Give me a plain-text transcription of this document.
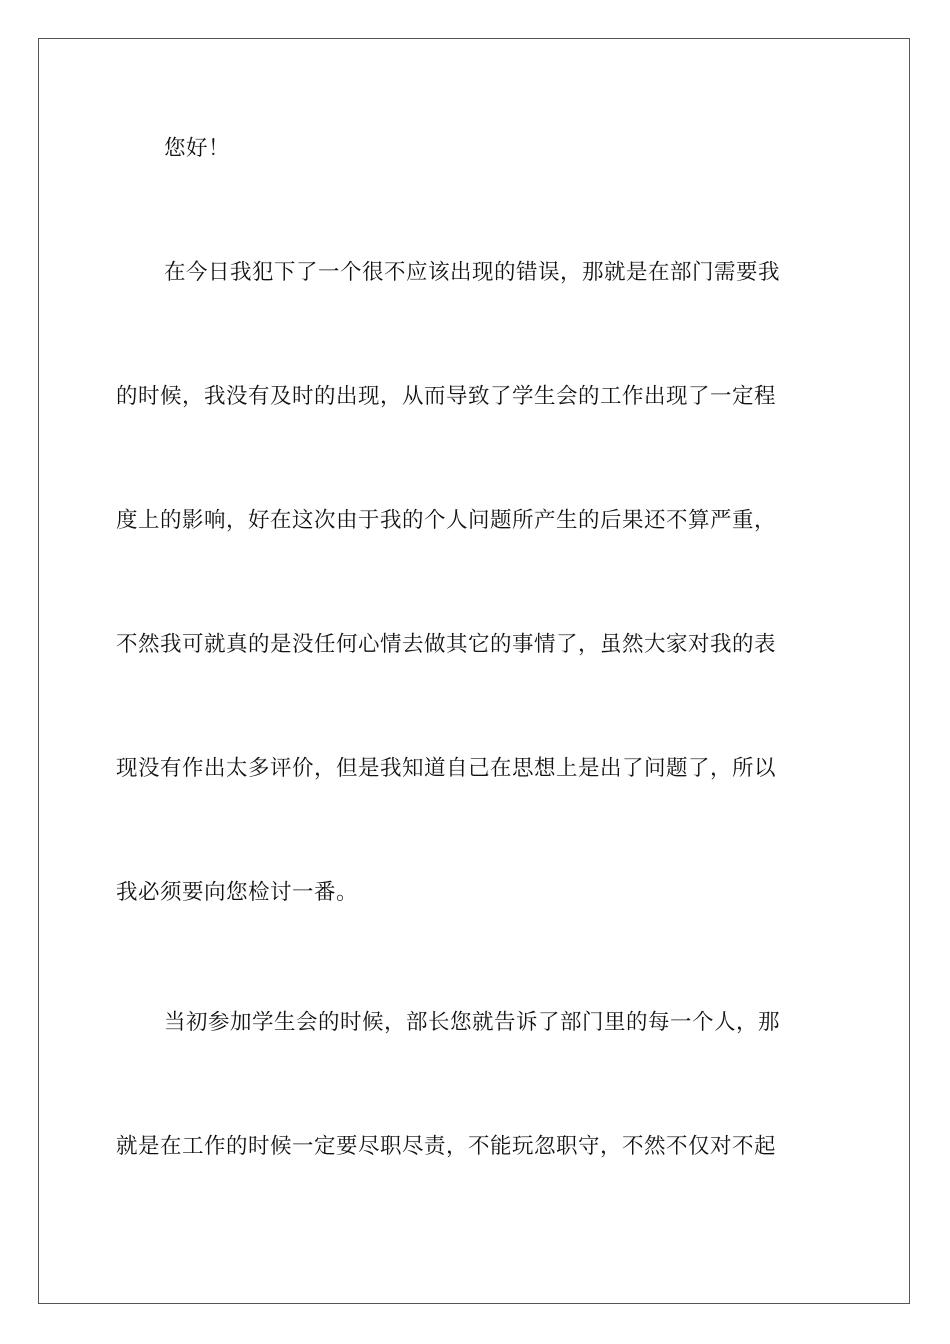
您好！
在今日我犯下了一个很不应该出现的错误，那就是在部门需要我
的时候，我没有及时的出现，从而导致了学生会的工作出现了一定程
度上的影响，好在这次由于我的个人问题所产生的后果还不算严重，
不然我可就真的是没任何心情去做其它的事情了，虽然大家对我的表
现没有作出太多评价，但是我知道自己在思想上是出了问题了，所以
我必须要向您检讨一番。
当初参加学生会的时候，部长您就告诉了部门里的每一个人，那
就是在工作的时候一定要尽职尽责，不能玩忽职守，不然不仅对不起
